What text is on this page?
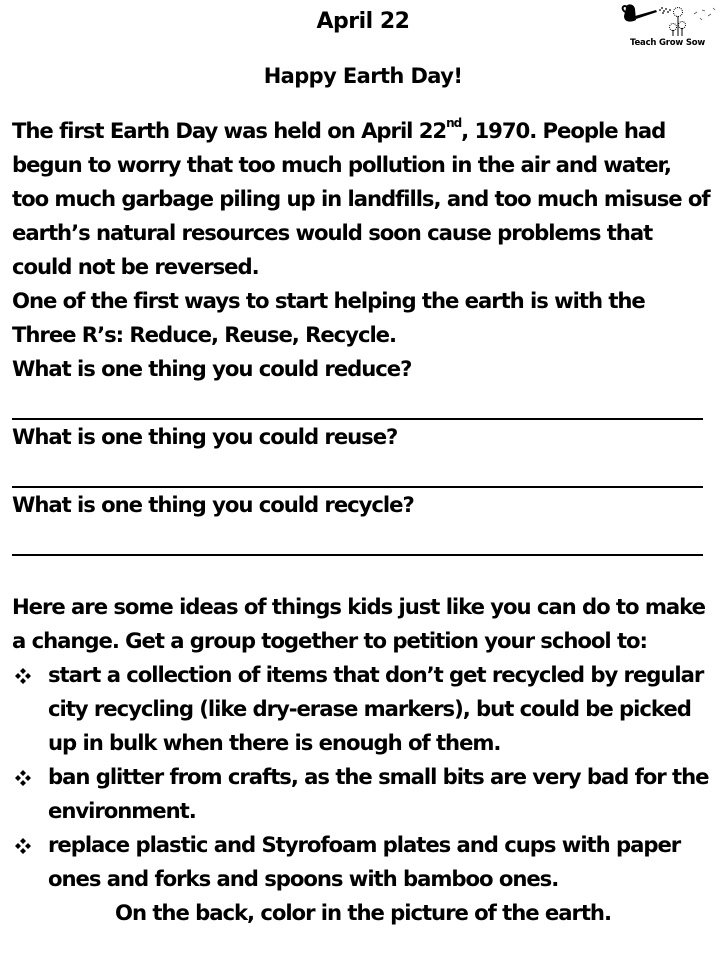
April 22
Happy Earth Day!
Teach Grow Sow

The first Earth Day was held on April 22nd, 1970. People had begun to worry that too much pollution in the air and water, too much garbage piling up in landfills, and too much misuse of earth’s natural resources would soon cause problems that could not be reversed.

One of the first ways to start helping the earth is with the Three R’s: Reduce, Reuse, Recycle.

What is one thing you could reduce?

What is one thing you could reuse?

What is one thing you could recycle?

Here are some ideas of things kids just like you can do to make a change. Get a group together to petition your school to:

start a collection of items that don’t get recycled by regular city recycling (like dry-erase markers), but could be picked up in bulk when there is enough of them.
ban glitter from crafts, as the small bits are very bad for the environment.
replace plastic and Styrofoam plates and cups with paper ones and forks and spoons with bamboo ones.

On the back, color in the picture of the earth.
